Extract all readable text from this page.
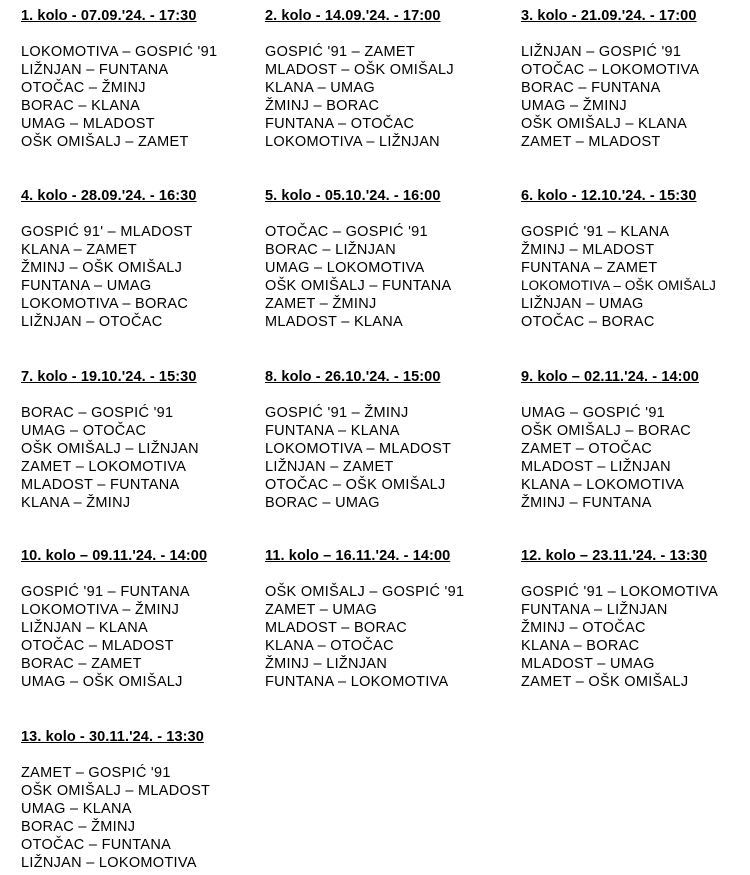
1. kolo - 07.09.'24. - 17:30
LOKOMOTIVA – GOSPIĆ '91
LIŽNJAN – FUNTANA
OTOČAC – ŽMINJ
BORAC – KLANA
UMAG – MLADOST
OŠK OMIŠALJ – ZAMET
2. kolo - 14.09.'24. - 17:00
GOSPIĆ '91 – ZAMET
MLADOST – OŠK OMIŠALJ
KLANA – UMAG
ŽMINJ – BORAC
FUNTANA – OTOČAC
LOKOMOTIVA – LIŽNJAN
3. kolo - 21.09.'24. - 17:00
LIŽNJAN – GOSPIĆ '91
OTOČAC – LOKOMOTIVA
BORAC – FUNTANA
UMAG – ŽMINJ
OŠK OMIŠALJ – KLANA
ZAMET – MLADOST
4. kolo - 28.09.'24. - 16:30
GOSPIĆ 91' – MLADOST
KLANA – ZAMET
ŽMINJ – OŠK OMIŠALJ
FUNTANA – UMAG
LOKOMOTIVA – BORAC
LIŽNJAN – OTOČAC
5. kolo - 05.10.'24. - 16:00
OTOČAC – GOSPIĆ '91
BORAC – LIŽNJAN
UMAG – LOKOMOTIVA
OŠK OMIŠALJ – FUNTANA
ZAMET – ŽMINJ
MLADOST – KLANA
6. kolo - 12.10.'24. - 15:30
GOSPIĆ '91 – KLANA
ŽMINJ – MLADOST
FUNTANA – ZAMET
LOKOMOTIVA – OŠK OMIŠALJ
LIŽNJAN – UMAG
OTOČAC – BORAC
7. kolo - 19.10.'24. - 15:30
BORAC – GOSPIĆ '91
UMAG – OTOČAC
OŠK OMIŠALJ – LIŽNJAN
ZAMET – LOKOMOTIVA
MLADOST – FUNTANA
KLANA – ŽMINJ
8. kolo - 26.10.'24. - 15:00
GOSPIĆ '91 – ŽMINJ
FUNTANA – KLANA
LOKOMOTIVA – MLADOST
LIŽNJAN – ZAMET
OTOČAC – OŠK OMIŠALJ
BORAC – UMAG
9. kolo – 02.11.'24. - 14:00
UMAG – GOSPIĆ '91
OŠK OMIŠALJ – BORAC
ZAMET – OTOČAC
MLADOST – LIŽNJAN
KLANA – LOKOMOTIVA
ŽMINJ – FUNTANA
10. kolo – 09.11.'24. - 14:00
GOSPIĆ '91 – FUNTANA
LOKOMOTIVA – ŽMINJ
LIŽNJAN – KLANA
OTOČAC – MLADOST
BORAC – ZAMET
UMAG – OŠK OMIŠALJ
11. kolo – 16.11.'24. - 14:00
OŠK OMIŠALJ – GOSPIĆ '91
ZAMET – UMAG
MLADOST – BORAC
KLANA – OTOČAC
ŽMINJ – LIŽNJAN
FUNTANA – LOKOMOTIVA
12. kolo – 23.11.'24. - 13:30
GOSPIĆ '91 – LOKOMOTIVA
FUNTANA – LIŽNJAN
ŽMINJ – OTOČAC
KLANA – BORAC
MLADOST – UMAG
ZAMET – OŠK OMIŠALJ
13. kolo - 30.11.'24. - 13:30
ZAMET – GOSPIĆ '91
OŠK OMIŠALJ – MLADOST
UMAG – KLANA
BORAC – ŽMINJ
OTOČAC – FUNTANA
LIŽNJAN – LOKOMOTIVA
